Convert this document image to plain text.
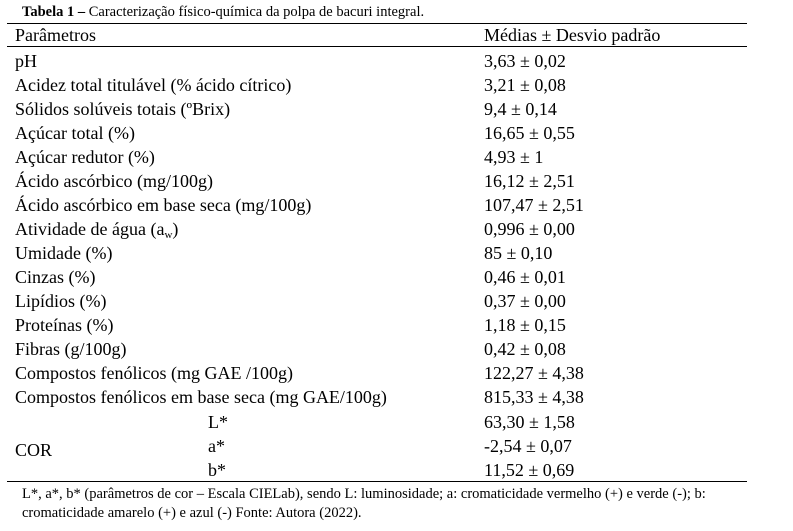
Tabela 1 – Caracterização físico-química da polpa de bacuri integral.
Parâmetros	Médias ± Desvio padrão
pH	3,63 ± 0,02
Acidez total titulável (% ácido cítrico)	3,21 ± 0,08
Sólidos solúveis totais (ºBrix)	9,4 ± 0,14
Açúcar total (%)	16,65 ± 0,55
Açúcar redutor (%)	4,93 ± 1
Ácido ascórbico (mg/100g)	16,12 ± 2,51
Ácido ascórbico em base seca (mg/100g)	107,47 ± 2,51
Atividade de água $(a_w)$	0,996 ± 0,00
Umidade (%)	85 ± 0,10
Cinzas (%)	0,46 ± 0,01
Lipídios (%)	0,37 ± 0,00
Proteínas (%)	1,18 ± 0,15
Fibras (g/100g)	0,42 ± 0,08
Compostos fenólicos (mg GAE /100g)	122,27 ± 4,38
Compostos fenólicos em base seca (mg GAE/100g)	815,33 ± 4,38
COR
L*	63,30 ± 1,58
a*	-2,54 ± 0,07
b*	11,52 ± 0,69
L*, a*, b* (parâmetros de cor – Escala CIELab), sendo L: luminosidade; a: cromaticidade vermelho (+) e verde (-); b: cromaticidade amarelo (+) e azul (-) Fonte: Autora (2022).
